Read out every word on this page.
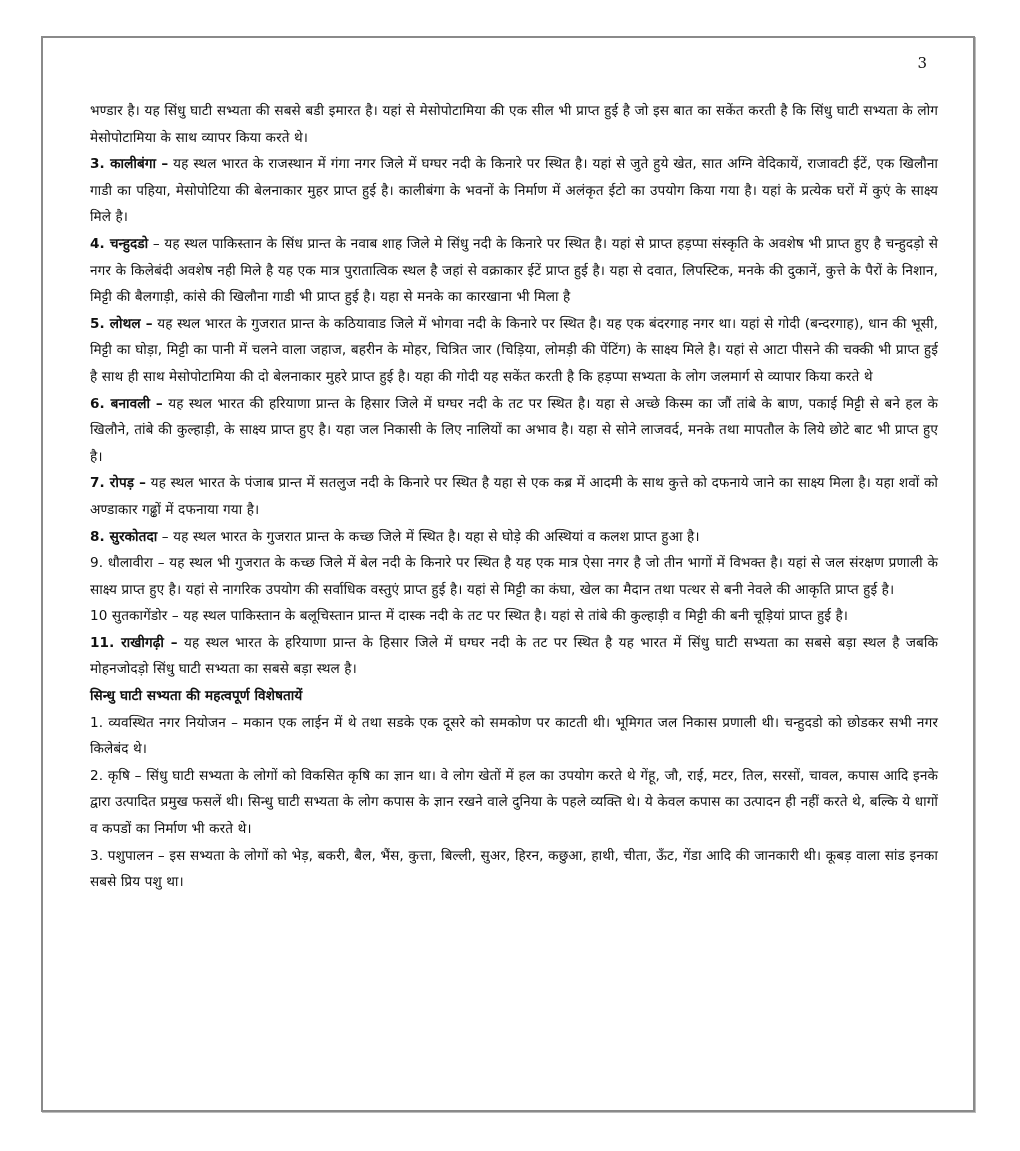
3

भण्डार है। यह सिंधु घाटी सभ्यता की सबसे बडी इमारत है। यहां से मेसोपोटामिया की एक सील भी प्राप्त हुई है जो इस बात का सकेंत करती है कि सिंधु घाटी सभ्यता के लोग मेसोपोटामिया के साथ व्यापर किया करते थे।

3. कालीबंगा – यह स्थल भारत के राजस्थान में गंगा नगर जिले में घग्घर नदी के किनारे पर स्थित है। यहां से जुते हुये खेत, सात अग्नि वेदिकायें, राजावटी ईटें, एक खिलौना गाडी का पहिया, मेसोपोटिया की बेलनाकार मुहर प्राप्त हुई है। कालीबंगा के भवनों के निर्माण में अलंकृत ईटो का उपयोग किया गया है। यहां के प्रत्येक घरों में कुएं के साक्ष्य मिले है।

4. चन्हुदडो – यह स्थल पाकिस्तान के सिंध प्रान्त के नवाब शाह जिले मे सिंधु नदी के किनारे पर स्थित है। यहां से प्राप्त हड़प्पा संस्कृति के अवशेष भी प्राप्त हुए है चन्हुदड़ो से नगर के किलेबंदी अवशेष नही मिले है यह एक मात्र पुरातात्विक स्थल है जहां से वक्राकार ईटें प्राप्त हुई है। यहा से दवात, लिपस्टिक, मनके की दुकानें, कुत्ते के पैरों के निशान, मिट्टी की बैलगाड़ी, कांसे की खिलौना गाडी भी प्राप्त हुई है। यहा से मनके का कारखाना भी मिला है

5. लोथल – यह स्थल भारत के गुजरात प्रान्त के कठियावाड जिले में भोगवा नदी के किनारे पर स्थित है। यह एक बंदरगाह नगर था। यहां से गोदी (बन्दरगाह), धान की भूसी, मिट्टी का घोड़ा, मिट्टी का पानी में चलने वाला जहाज, बहरीन के मोहर, चित्रित जार (चिड़िया, लोमड़ी की पेंटिंग) के साक्ष्य मिले है। यहां से आटा पीसने की चक्की भी प्राप्त हुई है साथ ही साथ मेसोपोटामिया की दो बेलनाकार मुहरे प्राप्त हुई है। यहा की गोदी यह सकेंत करती है कि हड़प्पा सभ्यता के लोग जलमार्ग से व्यापार किया करते थे

6. बनावली – यह स्थल भारत की हरियाणा प्रान्त के हिसार जिले में घग्घर नदी के तट पर स्थित है। यहा से अच्छे किस्म का जौं तांबे के बाण, पकाई मिट्टी से बने हल के खिलौने, तांबे की कुल्हाड़ी, के साक्ष्य प्राप्त हुए है। यहा जल निकासी के लिए नालियों का अभाव है। यहा से सोने लाजवर्द, मनके तथा मापतौल के लिये छोटे बाट भी प्राप्त हुए है।

7. रोपड़ – यह स्थल भारत के पंजाब प्रान्त में सतलुज नदी के किनारे पर स्थित है यहा से एक कब्र में आदमी के साथ कुत्ते को दफनाये जाने का साक्ष्य मिला है। यहा शवों को अण्डाकार गढ्ढों में दफनाया गया है।

8. सुरकोतदा – यह स्थल भारत के गुजरात प्रान्त के कच्छ जिले में स्थित है। यहा से घोड़े की अस्थियां व कलश प्राप्त हुआ है।

9. धौलावीरा – यह स्थल भी गुजरात के कच्छ जिले में बेल नदी के किनारे पर स्थित है यह एक मात्र ऐसा नगर है जो तीन भागों में विभक्त है। यहां से जल संरक्षण प्रणाली के साक्ष्य प्राप्त हुए है। यहां से नागरिक उपयोग की सर्वाधिक वस्तुएं प्राप्त हुई है। यहां से मिट्टी का कंघा, खेल का मैदान तथा पत्थर से बनी नेवले की आकृति प्राप्त हुई है।

10 सुतकागेंडोर – यह स्थल पाकिस्तान के बलूचिस्तान प्रान्त में दास्क नदी के तट पर स्थित है। यहां से तांबे की कुल्हाड़ी व मिट्टी की बनी चूड़ियां प्राप्त हुई है।

11. राखीगढ़ी – यह स्थल भारत के हरियाणा प्रान्त के हिसार जिले में घग्घर नदी के तट पर स्थित है यह भारत में सिंधु घाटी सभ्यता का सबसे बड़ा स्थल है जबकि मोहनजोदड़ो सिंधु घाटी सभ्यता का सबसे बड़ा स्थल है।

सिन्धु घाटी सभ्यता की महत्वपूर्ण विशेषतायें

1. व्यवस्थित नगर नियोजन – मकान एक लाईन में थे तथा सडके एक दूसरे को समकोण पर काटती थी। भूमिगत जल निकास प्रणाली थी। चन्हुदडो को छोडकर सभी नगर किलेबंद थे।

2. कृषि – सिंधु घाटी सभ्यता के लोगों को विकसित कृषि का ज्ञान था। वे लोग खेतों में हल का उपयोग करते थे गेंहू, जौ, राई, मटर, तिल, सरसों, चावल, कपास आदि इनके द्वारा उत्पादित प्रमुख फसलें थी। सिन्धु घाटी सभ्यता के लोग कपास के ज्ञान रखने वाले दुनिया के पहले व्यक्ति थे। ये केवल कपास का उत्पादन ही नहीं करते थे, बल्कि ये धागों व कपडों का निर्माण भी करते थे।

3. पशुपालन – इस सभ्यता के लोगों को भेड़, बकरी, बैल, भैंस, कुत्ता, बिल्ली, सुअर, हिरन, कछुआ, हाथी, चीता, ऊँट, गेंडा आदि की जानकारी थी। कूबड़ वाला सांड इनका सबसे प्रिय पशु था।
